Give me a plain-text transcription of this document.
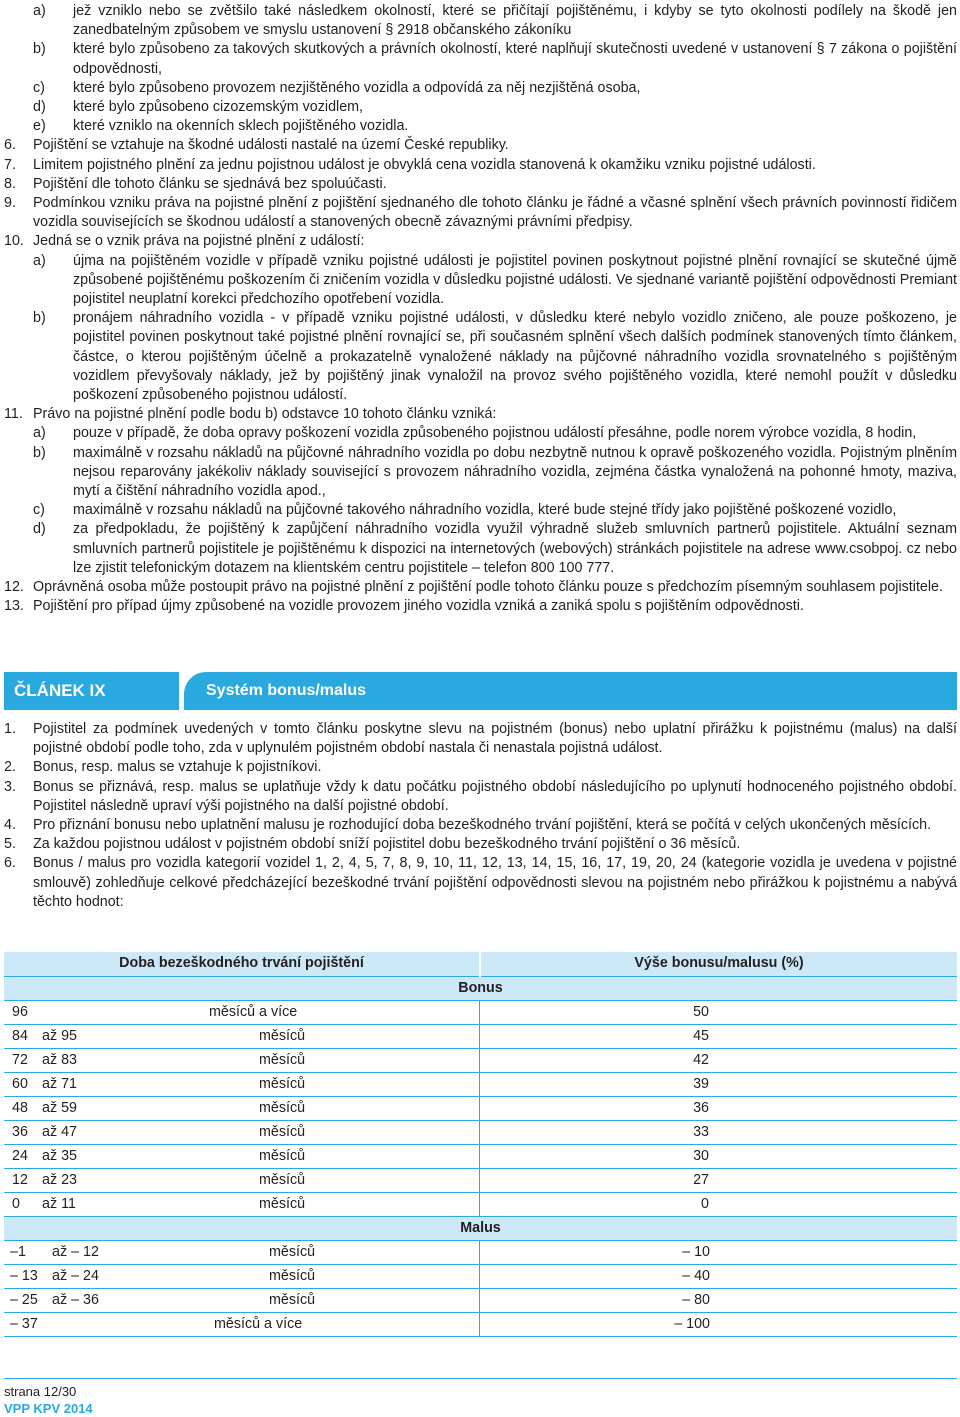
a) jež vzniklo nebo se zvětšilo také následkem okolností, které se přičítají pojištěnému, i kdyby se tyto okolnosti podílely na škodě jen zanedbatelným způsobem ve smyslu ustanovení § 2918 občanského zákoníku
b) které bylo způsobeno za takových skutkových a právních okolností, které naplňují skutečnosti uvedené v ustanovení § 7 zákona o pojištění odpovědnosti,
c) které bylo způsobeno provozem nezjištěného vozidla a odpovídá za něj nezjištěná osoba,
d) které bylo způsobeno cizozemským vozidlem,
e) které vzniklo na okenních sklech pojištěného vozidla.
6. Pojištění se vztahuje na škodné události nastalé na území České republiky.
7. Limitem pojistného plnění za jednu pojistnou událost je obvyklá cena vozidla stanovená k okamžiku vzniku pojistné události.
8. Pojištění dle tohoto článku se sjednává bez spoluúčasti.
9. Podmínkou vzniku práva na pojistné plnění z pojištění sjednaného dle tohoto článku je řádné a včasné splnění všech právních povinností řidičem vozidla souvisejících se škodnou událostí a stanovených obecně závaznými právními předpisy.
10. Jedná se o vznik práva na pojistné plnění z událostí:
a) újma na pojištěném vozidle v případě vzniku pojistné události je pojistitel povinen poskytnout pojistné plnění rovnající se skutečné újmě způsobené pojištěnému poškozením či zničením vozidla v důsledku pojistné události. Ve sjednané variantě pojištění odpovědnosti Premiant pojistitel neuplatní korekci předchozího opotřebení vozidla.
b) pronájem náhradního vozidla - v případě vzniku pojistné události, v důsledku které nebylo vozidlo zničeno, ale pouze poškozeno, je pojistitel povinen poskytnout také pojistné plnění rovnající se, při současném splnění všech dalších podmínek stanovených tímto článkem, částce, o kterou pojištěným účelně a prokazatelně vynaložené náklady na půjčovné náhradního vozidla srovnatelného s pojištěným vozidlem převyšovaly náklady, jež by pojištěný jinak vynaložil na provoz svého pojištěného vozidla, které nemohl použít v důsledku poškození způsobeného pojistnou událostí.
11. Právo na pojistné plnění podle bodu b) odstavce 10 tohoto článku vzniká:
a) pouze v případě, že doba opravy poškození vozidla způsobeného pojistnou událostí přesáhne, podle norem výrobce vozidla, 8 hodin,
b) maximálně v rozsahu nákladů na půjčovné náhradního vozidla po dobu nezbytně nutnou k opravě poškozeného vozidla. Pojistným plněním nejsou reparovány jakékoliv náklady související s provozem náhradního vozidla, zejména částka vynaložená na pohonné hmoty, maziva, mytí a čištění náhradního vozidla apod.,
c) maximálně v rozsahu nákladů na půjčovné takového náhradního vozidla, které bude stejné třídy jako pojištěné poškozené vozidlo,
d) za předpokladu, že pojištěný k zapůjčení náhradního vozidla využil výhradně služeb smluvních partnerů pojistitele. Aktuální seznam smluvních partnerů pojistitele je pojištěnému k dispozici na internetových (webových) stránkách pojistitele na adrese www.csobpoj. cz nebo lze zjistit telefonickým dotazem na klientském centru pojistitele – telefon 800 100 777.
12. Oprávněná osoba může postoupit právo na pojistné plnění z pojištění podle tohoto článku pouze s předchozím písemným souhlasem pojistitele.
13. Pojištění pro případ újmy způsobené na vozidle provozem jiného vozidla vzniká a zaniká spolu s pojištěním odpovědnosti.
ČLÁNEK IX	Systém bonus/malus
1. Pojistitel za podmínek uvedených v tomto článku poskytne slevu na pojistném (bonus) nebo uplatní přirážku k pojistnému (malus) na další pojistné období podle toho, zda v uplynulém pojistném období nastala či nenastala pojistná událost.
2. Bonus, resp. malus se vztahuje k pojistníkovi.
3. Bonus se přiznává, resp. malus se uplatňuje vždy k datu počátku pojistného období následujícího po uplynutí hodnoceného pojistného období. Pojistitel následně upraví výši pojistného na další pojistné období.
4. Pro přiznání bonusu nebo uplatnění malusu je rozhodující doba bezeškodného trvání pojištění, která se počítá v celých ukončených měsících.
5. Za každou pojistnou událost v pojistném období sníží pojistitel dobu bezeškodného trvání pojištění o 36 měsíců.
6. Bonus / malus pro vozidla kategorií vozidel 1, 2, 4, 5, 7, 8, 9, 10, 11, 12, 13, 14, 15, 16, 17, 19, 20, 24 (kategorie vozidla je uvedena v pojistné smlouvě) zohledňuje celkové předcházející bezeškodné trvání pojištění odpovědnosti slevou na pojistném nebo přirážkou k pojistnému a nabývá těchto hodnot:
Doba bezeškodného trvání pojištění	Výše bonusu/malusu (%)
Bonus	

96 měsíců a více	50

84 až 95 měsíců	45

72 až 83 měsíců	42

60 až 71 měsíců	39

48 až 59 měsíců	36

36 až 47 měsíců	33

24 až 35 měsíců	30

12 až 23 měsíců	27

0 až 11 měsíců	0

Malus	

–1 až – 12 měsíců	– 10

– 13 až – 24 měsíců	– 40

– 25 až – 36 měsíců	– 80

– 37 měsíců a více	– 100
strana 12/30
VPP KPV 2014
